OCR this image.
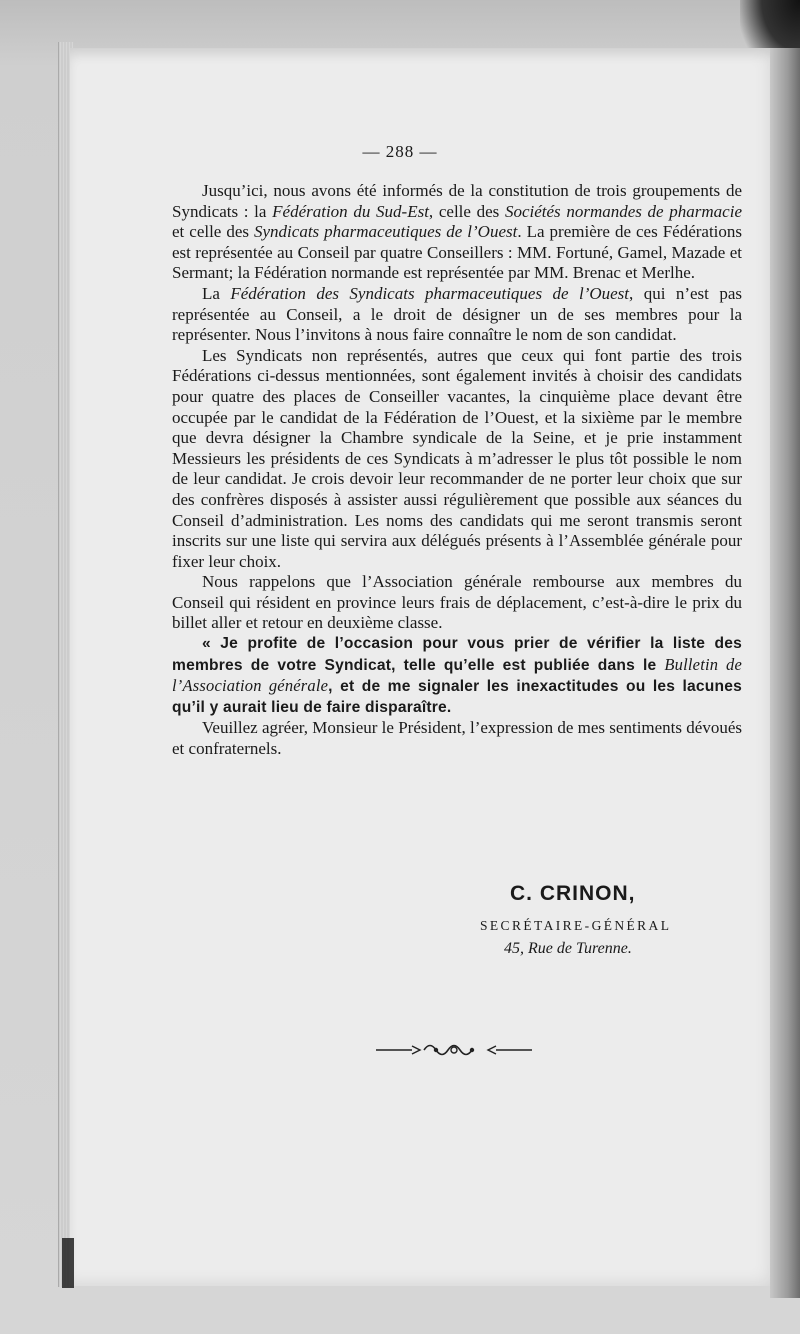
— 288 —

Jusqu’ici, nous avons été informés de la constitution de trois groupements de Syndicats : la Fédération du Sud-Est, celle des Sociétés normandes de pharmacie et celle des Syndicats pharmaceutiques de l’Ouest. La première de ces Fédérations est représentée au Conseil par quatre Conseillers : MM. Fortuné, Gamel, Mazade et Sermant; la Fédération normande est représentée par MM. Brenac et Merlhe.

La Fédération des Syndicats pharmaceutiques de l’Ouest, qui n’est pas représentée au Conseil, a le droit de désigner un de ses membres pour la représenter. Nous l’invitons à nous faire connaître le nom de son candidat.

Les Syndicats non représentés, autres que ceux qui font partie des trois Fédérations ci-dessus mentionnées, sont également invités à choisir des candidats pour quatre des places de Conseiller vacantes, la cinquième place devant être occupée par le candidat de la Fédération de l’Ouest, et la sixième par le membre que devra désigner la Chambre syndicale de la Seine, et je prie instamment Messieurs les présidents de ces Syndicats à m’adresser le plus tôt possible le nom de leur candidat. Je crois devoir leur recommander de ne porter leur choix que sur des confrères disposés à assister aussi régulièrement que possible aux séances du Conseil d’administration. Les noms des candidats qui me seront transmis seront inscrits sur une liste qui servira aux délégués présents à l’Assemblée générale pour fixer leur choix.

Nous rappelons que l’Association générale rembourse aux membres du Conseil qui résident en province leurs frais de déplacement, c’est-à-dire le prix du billet aller et retour en deuxième classe.

« Je profite de l’occasion pour vous prier de vérifier la liste des membres de votre Syndicat, telle qu’elle est publiée dans le Bulletin de l’Association générale, et de me signaler les inexactitudes ou les lacunes qu’il y aurait lieu de faire disparaître.

Veuillez agréer, Monsieur le Président, l’expression de mes sentiments dévoués et confraternels.

C. CRINON,
SECRÉTAIRE-GÉNÉRAL
45, Rue de Turenne.
